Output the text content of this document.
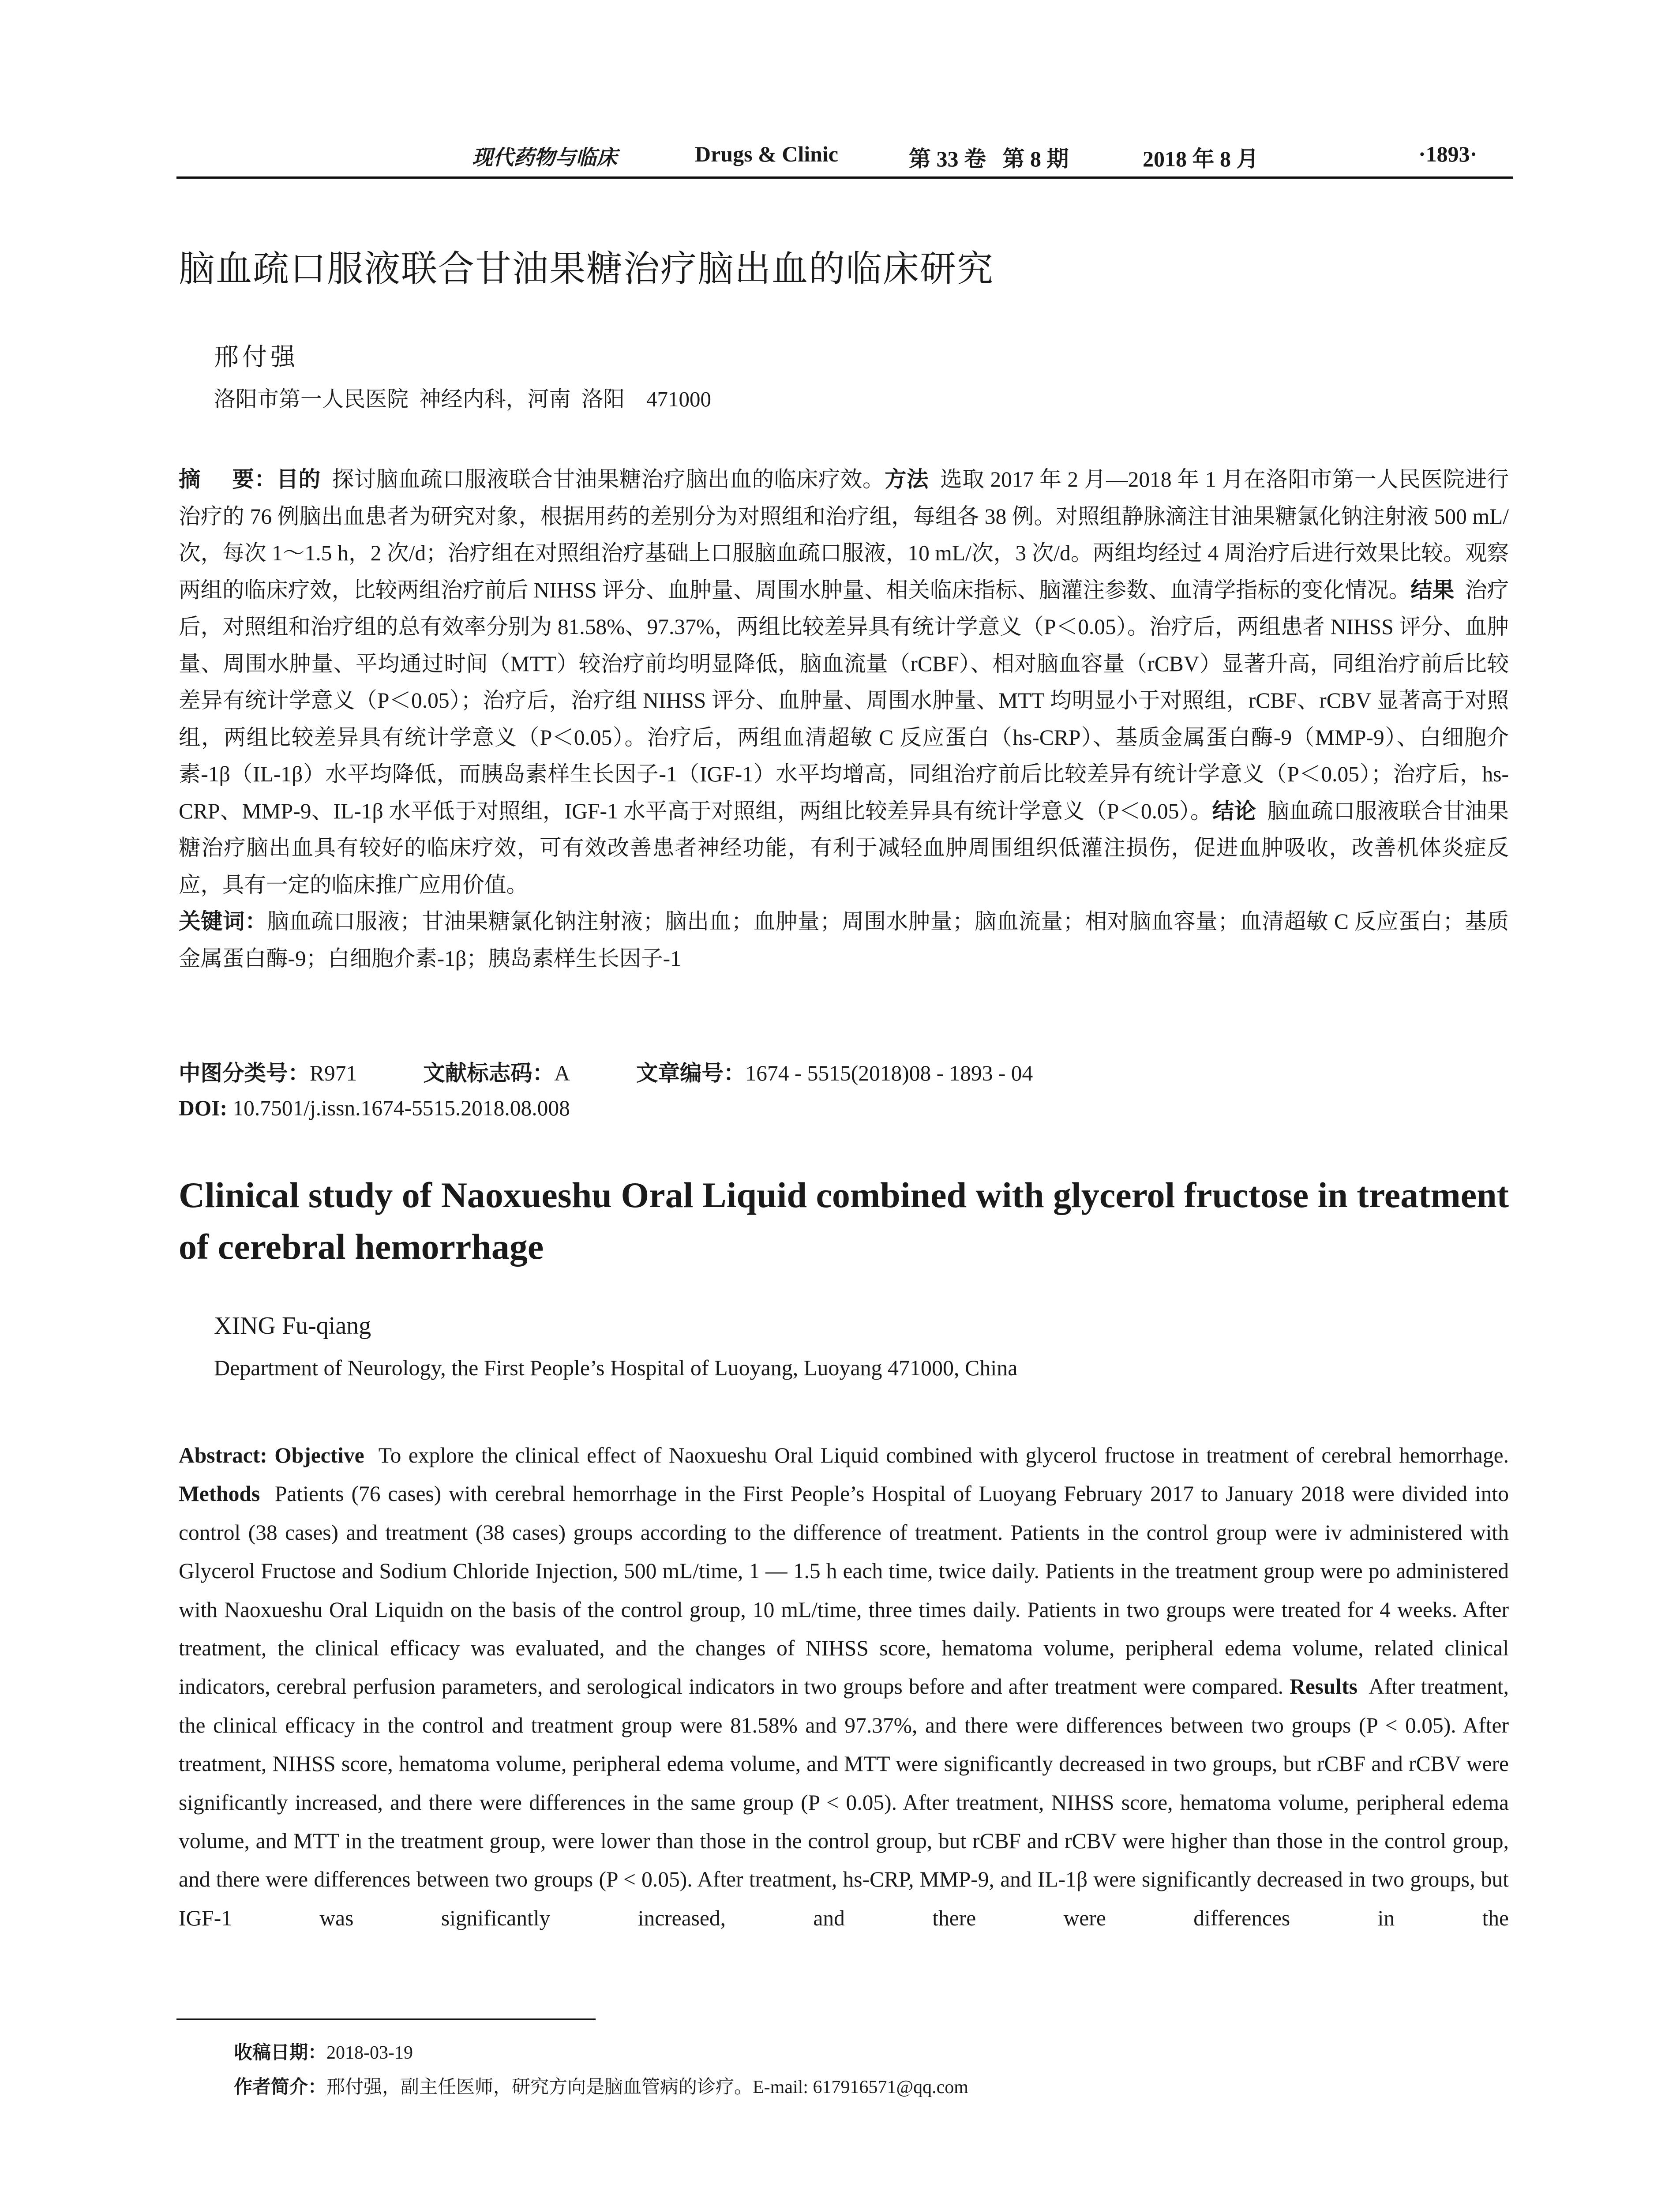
现代药物与临床	Drugs & Clinic	第 33 卷   第 8 期	2018 年 8 月	·1893·
脑血疏口服液联合甘油果糖治疗脑出血的临床研究
邢付强
洛阳市第一人民医院  神经内科，河南  洛阳    471000

摘    要：目的  探讨脑血疏口服液联合甘油果糖治疗脑出血的临床疗效。方法  选取 2017 年 2 月—2018 年 1 月在洛阳市第一人民医院进行治疗的 76 例脑出血患者为研究对象，根据用药的差别分为对照组和治疗组，每组各 38 例。对照组静脉滴注甘油果糖氯化钠注射液 500 mL/次，每次 1～1.5 h，2 次/d；治疗组在对照组治疗基础上口服脑血疏口服液，10 mL/次，3 次/d。两组均经过 4 周治疗后进行效果比较。观察两组的临床疗效，比较两组治疗前后 NIHSS 评分、血肿量、周围水肿量、相关临床指标、脑灌注参数、血清学指标的变化情况。结果  治疗后，对照组和治疗组的总有效率分别为 81.58%、97.37%，两组比较差异具有统计学意义（P＜0.05）。治疗后，两组患者 NIHSS 评分、血肿量、周围水肿量、平均通过时间（MTT）较治疗前均明显降低，脑血流量（rCBF）、相对脑血容量（rCBV）显著升高，同组治疗前后比较差异有统计学意义（P＜0.05）；治疗后，治疗组 NIHSS 评分、血肿量、周围水肿量、MTT 均明显小于对照组，rCBF、rCBV 显著高于对照组，两组比较差异具有统计学意义（P＜0.05）。治疗后，两组血清超敏 C 反应蛋白（hs-CRP）、基质金属蛋白酶-9（MMP-9）、白细胞介素-1β（IL-1β）水平均降低，而胰岛素样生长因子-1（IGF-1）水平均增高，同组治疗前后比较差异有统计学意义（P＜0.05）；治疗后，hs-CRP、MMP-9、IL-1β 水平低于对照组，IGF-1 水平高于对照组，两组比较差异具有统计学意义（P＜0.05）。结论  脑血疏口服液联合甘油果糖治疗脑出血具有较好的临床疗效，可有效改善患者神经功能，有利于减轻血肿周围组织低灌注损伤，促进血肿吸收，改善机体炎症反应，具有一定的临床推广应用价值。

关键词：脑血疏口服液；甘油果糖氯化钠注射液；脑出血；血肿量；周围水肿量；脑血流量；相对脑血容量；血清超敏 C 反应蛋白；基质金属蛋白酶-9；白细胞介素-1β；胰岛素样生长因子-1

中图分类号：R971	文献标志码：A	文章编号：1674 - 5515(2018)08 - 1893 - 04
DOI: 10.7501/j.issn.1674-5515.2018.08.008
Clinical study of Naoxueshu Oral Liquid combined with glycerol fructose in treatment of cerebral hemorrhage
XING Fu-qiang
Department of Neurology, the First People’s Hospital of Luoyang, Luoyang 471000, China
Abstract: Objective  To explore the clinical effect of Naoxueshu Oral Liquid combined with glycerol fructose in treatment of cerebral hemorrhage. Methods  Patients (76 cases) with cerebral hemorrhage in the First People’s Hospital of Luoyang February 2017 to January 2018 were divided into control (38 cases) and treatment (38 cases) groups according to the difference of treatment. Patients in the control group were iv administered with Glycerol Fructose and Sodium Chloride Injection, 500 mL/time, 1 — 1.5 h each time, twice daily. Patients in the treatment group were po administered with Naoxueshu Oral Liquidn on the basis of the control group, 10 mL/time, three times daily. Patients in two groups were treated for 4 weeks. After treatment, the clinical efficacy was evaluated, and the changes of NIHSS score, hematoma volume, peripheral edema volume, related clinical indicators, cerebral perfusion parameters, and serological indicators in two groups before and after treatment were compared. Results  After treatment, the clinical efficacy in the control and treatment group were 81.58% and 97.37%, and there were differences between two groups (P < 0.05). After treatment, NIHSS score, hematoma volume, peripheral edema volume, and MTT were significantly decreased in two groups, but rCBF and rCBV were significantly increased, and there were differences in the same group (P < 0.05). After treatment, NIHSS score, hematoma volume, peripheral edema volume, and MTT in the treatment group, were lower than those in the control group, but rCBF and rCBV were higher than those in the control group, and there were differences between two groups (P < 0.05). After treatment, hs-CRP, MMP-9, and IL-1β were significantly decreased in two groups, but IGF-1 was significantly increased, and there were differences in the
收稿日期：2018-03-19
作者简介：邢付强，副主任医师，研究方向是脑血管病的诊疗。E-mail: 617916571@qq.com
